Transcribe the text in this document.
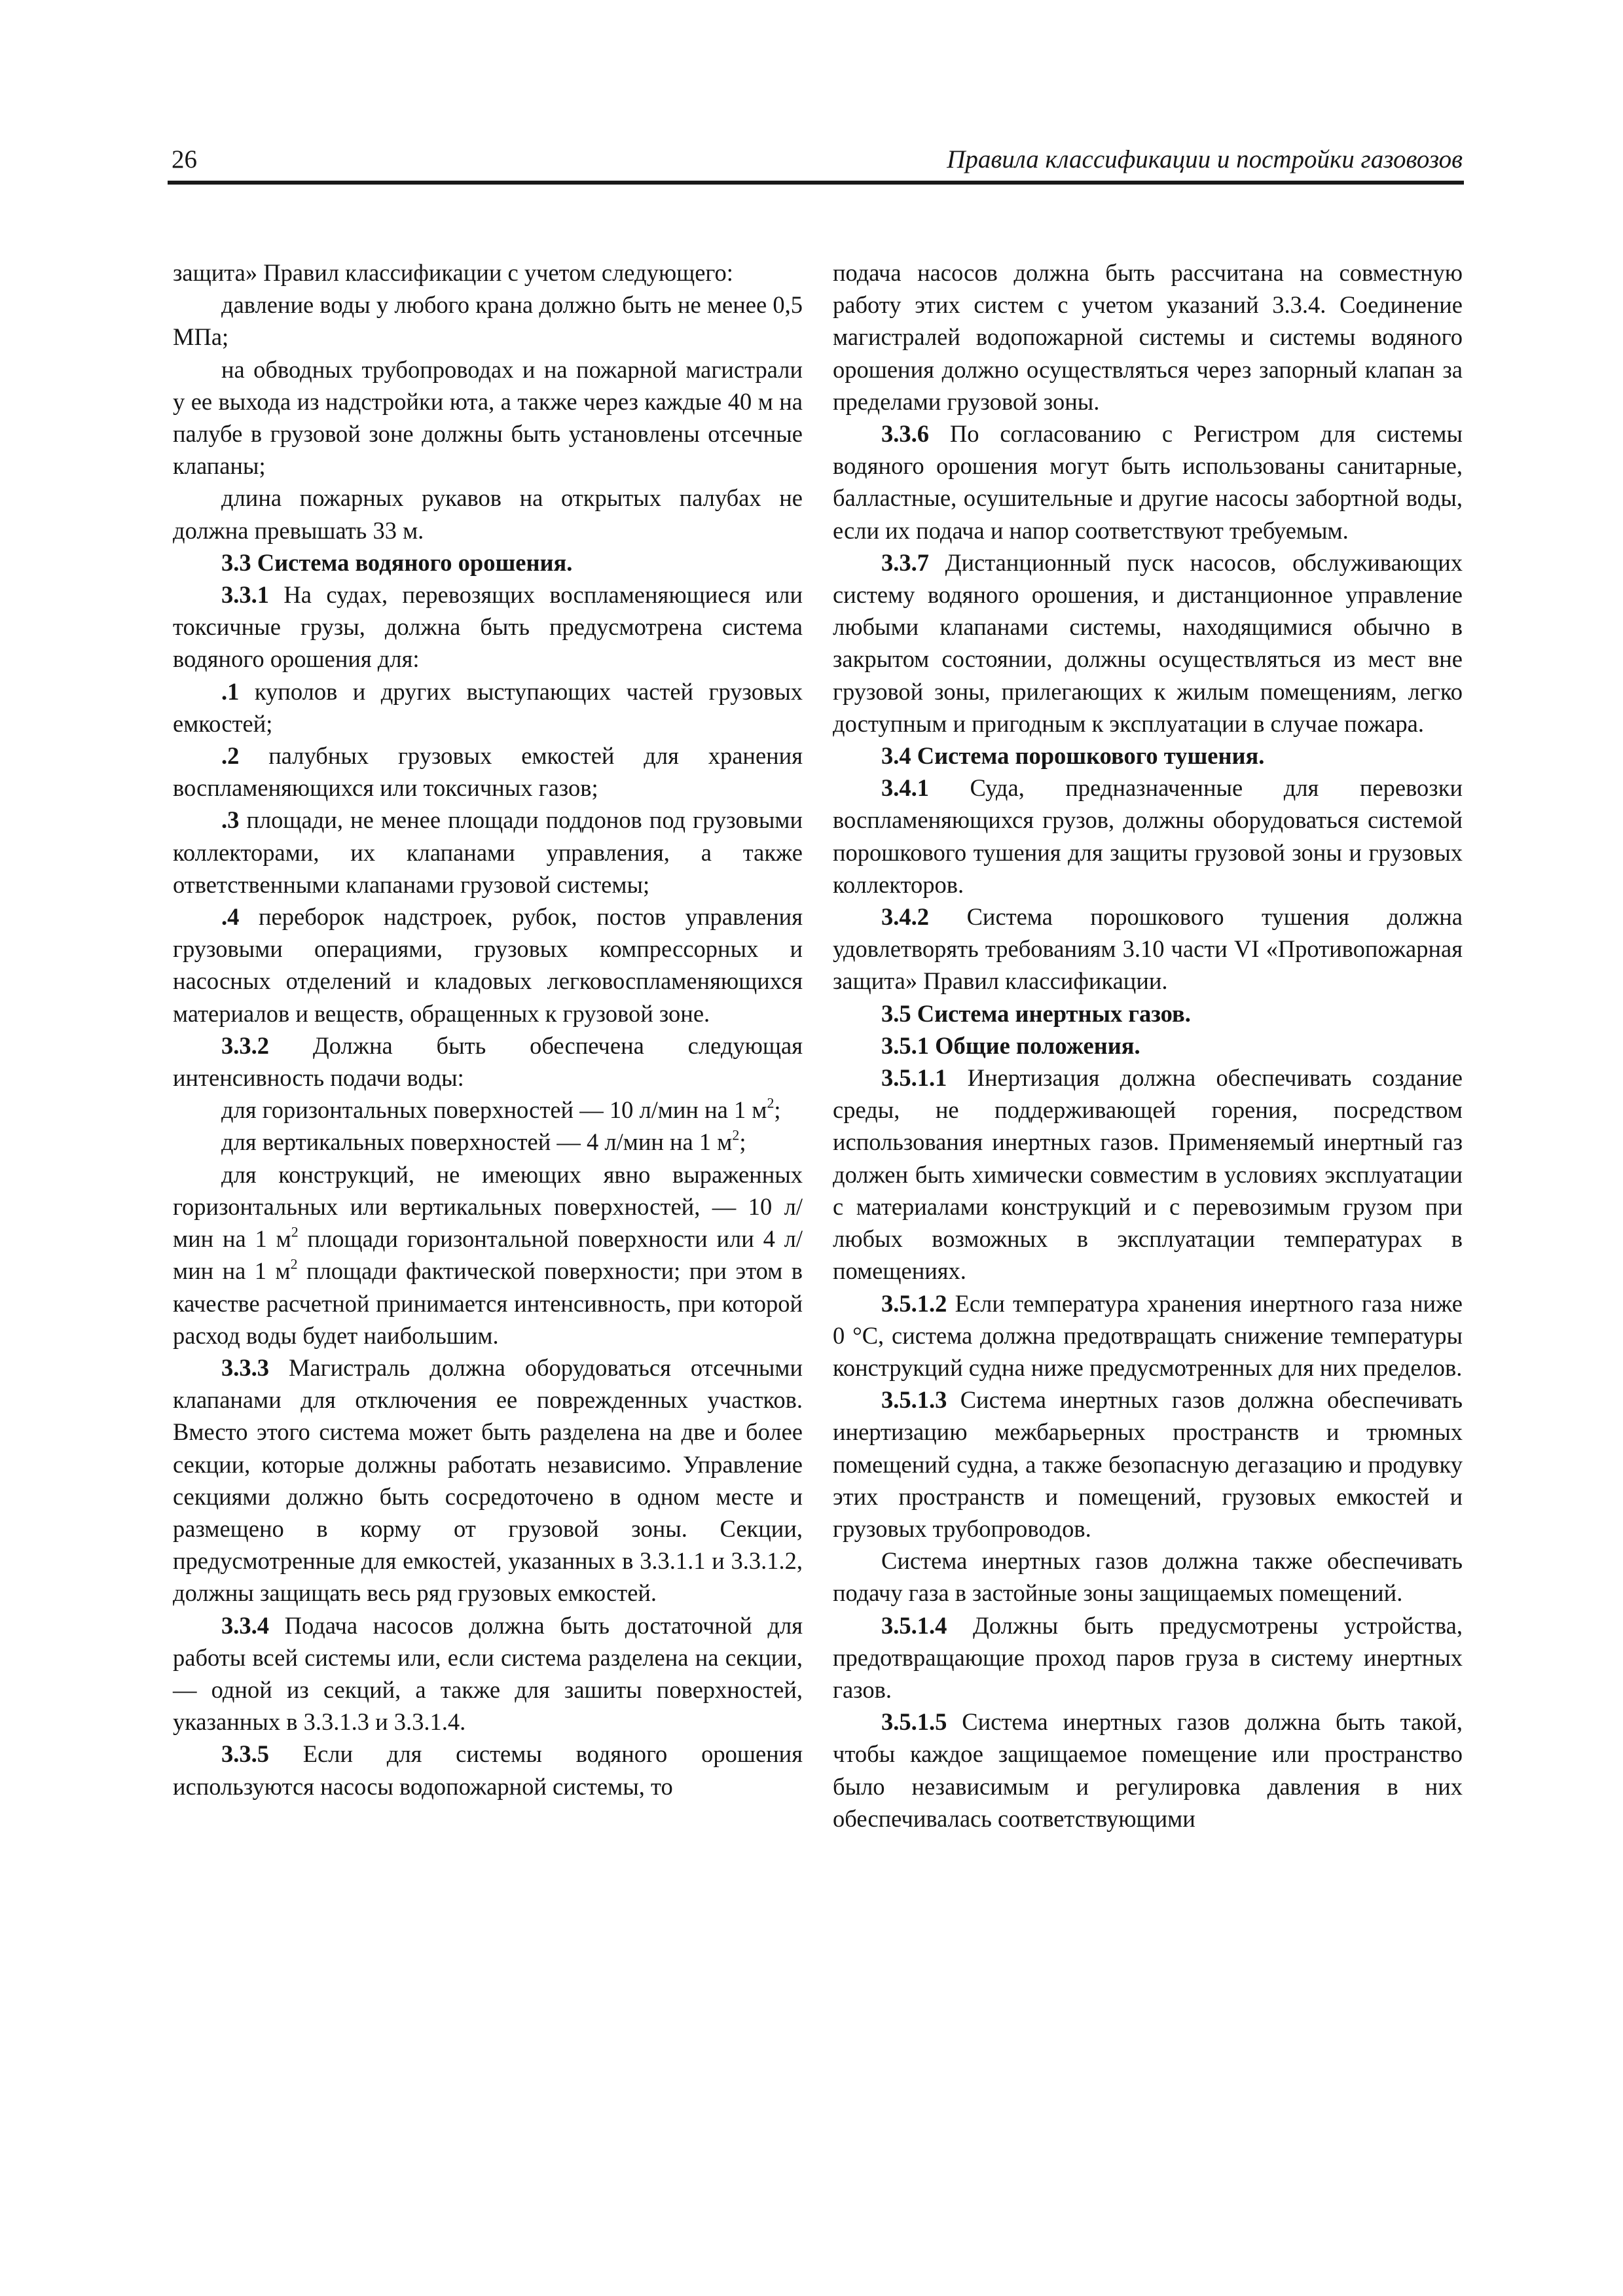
26	Правила классификации и постройки газовозов

защита» Правил классификации с учетом следующего:

давление воды у любого крана должно быть не менее 0,5 МПа;

на обводных трубопроводах и на пожарной магистрали у ее выхода из надстройки юта, а также через каждые 40 м на палубе в грузовой зоне должны быть установлены отсечные клапаны;

длина пожарных рукавов на открытых палубах не должна превышать 33 м.

3.3 Система водяного орошения.

3.3.1 На судах, перевозящих воспламеняющиеся или токсичные грузы, должна быть предусмотрена система водяного орошения для:

.1 куполов и других выступающих частей грузовых емкостей;

.2 палубных грузовых емкостей для хранения воспламеняющихся или токсичных газов;

.3 площади, не менее площади поддонов под грузовыми коллекторами, их клапанами управления, а также ответственными клапанами грузовой системы;

.4 переборок надстроек, рубок, постов управления грузовыми операциями, грузовых компрессорных и насосных отделений и кладовых легковоспламеняющихся материалов и веществ, обращенных к грузовой зоне.

3.3.2 Должна быть обеспечена следующая интенсивность подачи воды:

для горизонтальных поверхностей — 10 л/мин на 1 $м^2$;

для вертикальных поверхностей — 4 л/мин на 1 $м^2$;

для конструкций, не имеющих явно выраженных горизонтальных или вертикальных поверхностей, — 10 л/мин на 1 $м^2$ площади горизонтальной поверхности или 4 л/мин на 1 $м^2$ площади фактической поверхности; при этом в качестве расчетной принимается интенсивность, при которой расход воды будет наибольшим.

3.3.3 Магистраль должна оборудоваться отсечными клапанами для отключения ее поврежденных участков. Вместо этого система может быть разделена на две и более секции, которые должны работать независимо. Управление секциями должно быть сосредоточено в одном месте и размещено в корму от грузовой зоны. Секции, предусмотренные для емкостей, указанных в 3.3.1.1 и 3.3.1.2, должны защищать весь ряд грузовых емкостей.

3.3.4 Подача насосов должна быть достаточной для работы всей системы или, если система разделена на секции, — одной из секций, а также для зашиты поверхностей, указанных в 3.3.1.3 и 3.3.1.4.

3.3.5 Если для системы водяного орошения используются насосы водопожарной системы, то

подача насосов должна быть рассчитана на совместную работу этих систем с учетом указаний 3.3.4. Соединение магистралей водопожарной системы и системы водяного орошения должно осуществляться через запорный клапан за пределами грузовой зоны.

3.3.6 По согласованию с Регистром для системы водяного орошения могут быть использованы санитарные, балластные, осушительные и другие насосы забортной воды, если их подача и напор соответствуют требуемым.

3.3.7 Дистанционный пуск насосов, обслуживающих систему водяного орошения, и дистанционное управление любыми клапанами системы, находящимися обычно в закрытом состоянии, должны осуществляться из мест вне грузовой зоны, прилегающих к жилым помещениям, легко доступным и пригодным к эксплуатации в случае пожара.

3.4 Система порошкового тушения.

3.4.1 Суда, предназначенные для перевозки воспламеняющихся грузов, должны оборудоваться системой порошкового тушения для защиты грузовой зоны и грузовых коллекторов.

3.4.2 Система порошкового тушения должна удовлетворять требованиям 3.10 части VI «Противопожарная защита» Правил классификации.

3.5 Система инертных газов.

3.5.1 Общие положения.

3.5.1.1 Инертизация должна обеспечивать создание среды, не поддерживающей горения, посредством использования инертных газов. Применяемый инертный газ должен быть химически совместим в условиях эксплуатации с материалами конструкций и с перевозимым грузом при любых возможных в эксплуатации температурах в помещениях.

3.5.1.2 Если температура хранения инертного газа ниже 0 °С, система должна предотвращать снижение температуры конструкций судна ниже предусмотренных для них пределов.

3.5.1.3 Система инертных газов должна обеспечивать инертизацию межбарьерных пространств и трюмных помещений судна, а также безопасную дегазацию и продувку этих пространств и помещений, грузовых емкостей и грузовых трубопроводов.

Система инертных газов должна также обеспечивать подачу газа в застойные зоны защищаемых помещений.

3.5.1.4 Должны быть предусмотрены устройства, предотвращающие проход паров груза в систему инертных газов.

3.5.1.5 Система инертных газов должна быть такой, чтобы каждое защищаемое помещение или пространство было независимым и регулировка давления в них обеспечивалась соответствующими
